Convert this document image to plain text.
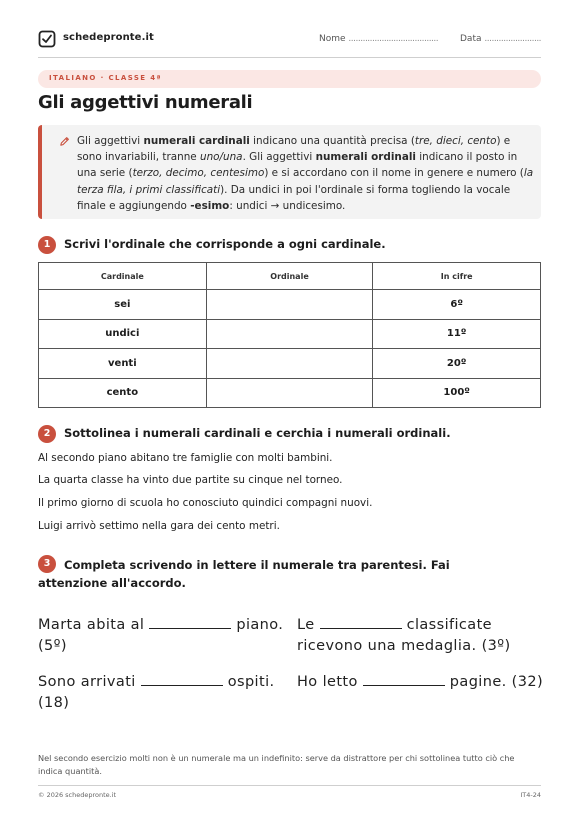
schedepronte.it	Nome ...................................... Data ........................
ITALIANO · CLASSE 4ª
Gli aggettivi numerali

Gli aggettivi numerali cardinali indicano una quantità precisa (tre, dieci, cento) e sono invariabili, tranne uno/una. Gli aggettivi numerali ordinali indicano il posto in una serie (terzo, decimo, centesimo) e si accordano con il nome in genere e numero (la terza fila, i primi classificati). Da undici in poi l'ordinale si forma togliendo la vocale finale e aggiungendo -esimo: undici → undicesimo.

1	Scrivi l'ordinale che corrisponde a ogni cardinale.
Cardinale	Ordinale	In cifre
sei		6º
undici		11º
venti		20º
cento		100º
2	Sottolinea i numerali cardinali e cerchia i numerali ordinali.
Al secondo piano abitano tre famiglie con molti bambini.
La quarta classe ha vinto due partite su cinque nel torneo.
Il primo giorno di scuola ho conosciuto quindici compagni nuovi.
Luigi arrivò settimo nella gara dei cento metri.
Completa scrivendo in lettere il numerale tra parentesi. Fai attenzione all'accordo.
3
Marta abita al	piano.
(5º)
Le	classificate
ricevono una medaglia. (3º)
Sono arrivati	ospiti.
(18)
Ho letto	pagine. (32)
Nel secondo esercizio molti non è un numerale ma un indefinito: serve da distrattore per chi sottolinea tutto ciò che indica quantità.
© 2026 schedepronte.it	IT4-24
